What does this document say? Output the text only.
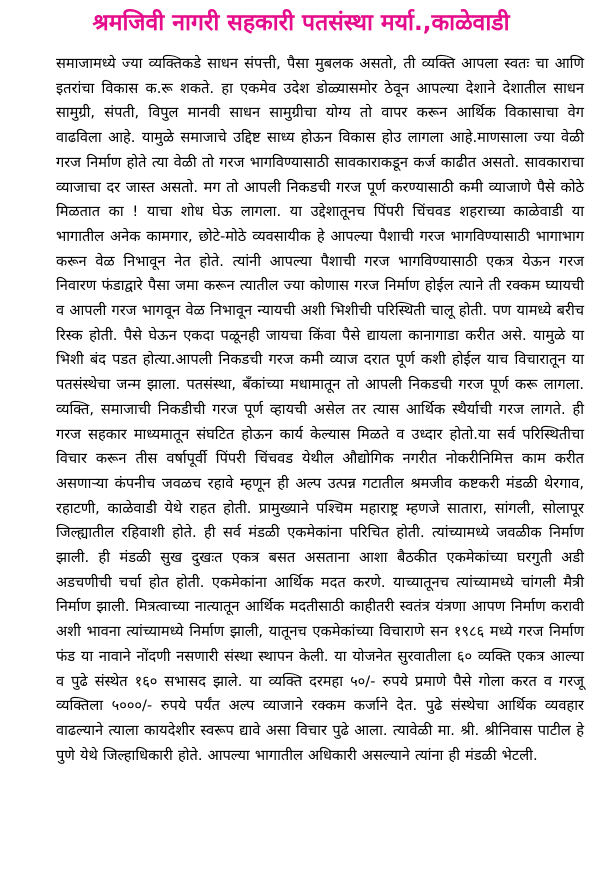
श्रमजिवी नागरी सहकारी पतसंस्था मर्या.,काळेवाडी

समाजामध्ये ज्या व्यक्तिकडे साधन संपत्ती, पैसा मुबलक असतो, ती व्यक्ति आपला स्वतः चा आणि इतरांचा विकास क.रू शकते. हा एकमेव उदेश डोळ्यासमोर ठेवून आपल्या देशाने देशातील साधन सामुग्री, संपती, विपुल मानवी साधन सामुग्रीचा योग्य तो वापर करून आर्थिक विकासाचा वेग वाढविला आहे. यामुळे समाजाचे उद्दिष्ट साध्य होऊन विकास होउ लागला आहे.माणसाला ज्या वेळी गरज निर्माण होते त्या वेळी तो गरज भागविण्यासाठी सावकाराकडून कर्ज काढीत असतो. सावकाराचा व्याजाचा दर जास्त असतो. मग तो आपली निकडची गरज पूर्ण करण्यासाठी कमी व्याजाणे पैसे कोठे मिळतात का ! याचा शोध घेऊ लागला. या उद्देशातूनच पिंपरी चिंचवड शहराच्या काळेवाडी या भागातील अनेक कामगार, छोटे-मोठे व्यवसायीक हे आपल्या पैशाची गरज भागविण्यासाठी भागाभाग करून वेळ निभावून नेत होते. त्यांनी आपल्या पैशाची गरज भागविण्यासाठी एकत्र येऊन गरज निवारण फंडाद्वारे पैसा जमा करून त्यातील ज्या कोणास गरज निर्माण होईल त्याने ती रक्कम घ्यायची व आपली गरज भागवून वेळ निभावून न्यायची अशी भिशीची परिस्थिती चालू होती. पण यामध्ये बरीच रिस्क होती. पैसे घेऊन एकदा पळूनही जायचा किंवा पैसे द्यायला कानागाडा करीत असे. यामुळे या भिशी बंद पडत होत्या.आपली निकडची गरज कमी व्याज दरात पूर्ण कशी होईल याच विचारातून या पतसंस्थेचा जन्म झाला. पतसंस्था, बँकांच्या मधामातून तो आपली निकडची गरज पूर्ण करू लागला. व्यक्ति, समाजाची निकडीची गरज पूर्ण व्हायची असेल तर त्यास आर्थिक स्थैर्याची गरज लागते. ही गरज सहकार माध्यमातून संघटित होऊन कार्य केल्यास मिळते व उध्दार होतो.या सर्व परिस्थितीचा विचार करून तीस वर्षापूर्वी पिंपरी चिंचवड येथील औद्योगिक नगरीत नोकरीनिमित्त काम करीत असणाऱ्या कंपनीच जवळच रहावे म्हणून ही अल्प उत्पन्न गटातील श्रमजीव कष्टकरी मंडळी थेरगाव, रहाटणी, काळेवाडी येथे राहत होती. प्रामुख्याने पश्चिम महाराष्ट्र म्हणजे सातारा, सांगली, सोलापूर जिल्ह्यातील रहिवाशी होते. ही सर्व मंडळी एकमेकांना परिचित होती. त्यांच्यामध्ये जवळीक निर्माण झाली. ही मंडळी सुख दुखःत एकत्र बसत असताना आशा बैठकीत एकमेकांच्या घरगुती अडी अडचणीची चर्चा होत होती. एकमेकांना आर्थिक मदत करणे. याच्यातूनच त्यांच्यामध्ये चांगली मैत्री निर्माण झाली. मित्रत्वाच्या नात्यातून आर्थिक मदतीसाठी काहीतरी स्वतंत्र यंत्रणा आपण निर्माण करावी अशी भावना त्यांच्यामध्ये निर्माण झाली, यातूनच एकमेकांच्या विचाराणे सन १९८६ मध्ये गरज निर्माण फंड या नावाने नोंदणी नसणारी संस्था स्थापन केली. या योजनेत सुरवातीला ६० व्यक्ति एकत्र आल्या व पुढे संस्थेत १६० सभासद झाले. या व्यक्ति दरमहा ५०/- रुपये प्रमाणे पैसे गोला करत व गरजू व्यक्तिला ५०००/- रुपये पर्यंत अल्प व्याजाने रक्कम कर्जाने देत. पुढे संस्थेचा आर्थिक व्यवहार वाढल्याने त्याला कायदेशीर स्वरूप द्यावे असा विचार पुढे आला. त्यावेळी मा. श्री. श्रीनिवास पाटील हे पुणे येथे जिल्हाधिकारी होते. आपल्या भागातील अधिकारी असल्याने त्यांना ही मंडळी भेटली.
